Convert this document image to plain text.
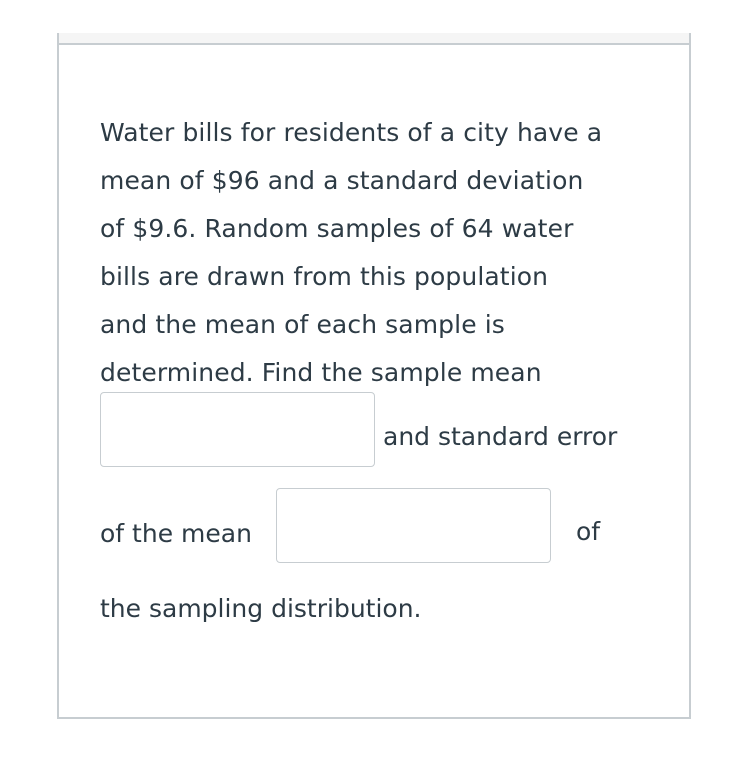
Water bills for residents of a city have a
mean of $96 and a standard deviation
of $9.6. Random samples of 64 water
bills are drawn from this population
and the mean of each sample is
determined. Find the sample mean
and standard error
of the mean	of
the sampling distribution.
